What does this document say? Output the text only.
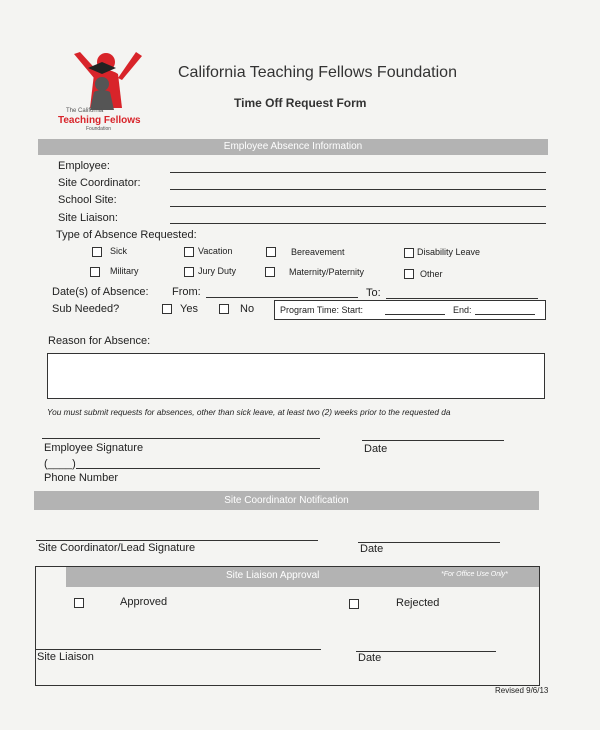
The California
Teaching Fellows
Foundation
California Teaching Fellows Foundation
Time Off Request Form
Employee Absence Information
Employee:
Site Coordinator:
School Site:
Site Liaison:
Type of Absence Requested:
Sick	Vacation	Bereavement	Disability Leave
Military	Jury Duty	Maternity/Paternity	Other
Date(s) of Absence: From:	To:
Sub Needed?	Yes	No	Program Time: Start:	End:
Reason for Absence:
You must submit requests for absences, other than sick leave, at least two (2) weeks prior to the requested da
Employee Signature	Date
(____)
Phone Number
Site Coordinator Notification
Site Coordinator/Lead Signature	Date
Site Liaison Approval	*For Office Use Only*
Approved	Rejected
Site Liaison	Date
Revised 9/6/13
